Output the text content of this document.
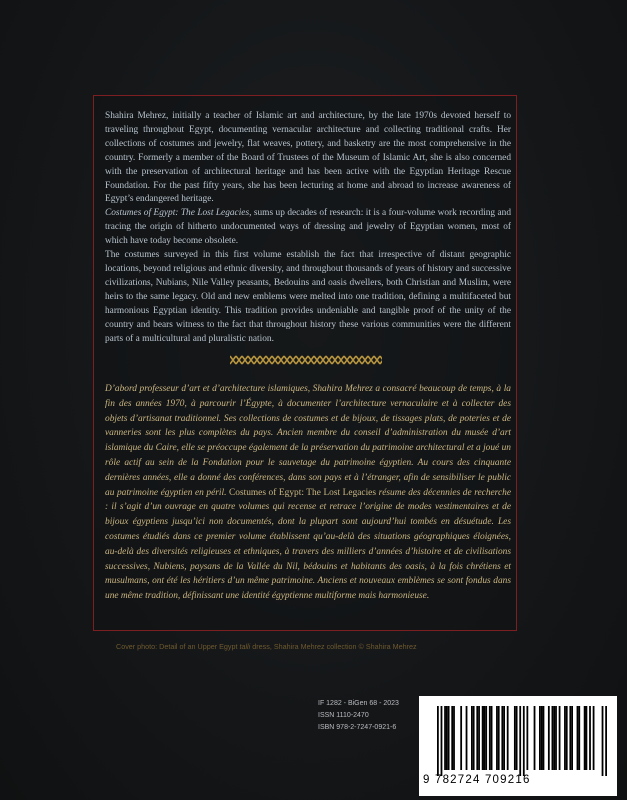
Shahira Mehrez, initially a teacher of Islamic art and architecture, by the late 1970s devoted herself to traveling throughout Egypt, documenting vernacular architecture and collecting traditional crafts. Her collections of costumes and jewelry, flat weaves, pottery, and basketry are the most comprehensive in the country. Formerly a member of the Board of Trustees of the Museum of Islamic Art, she is also concerned with the preservation of architectural heritage and has been active with the Egyptian Heritage Rescue Foundation. For the past fifty years, she has been lecturing at home and abroad to increase awareness of Egypt’s endangered heritage.

Costumes of Egypt: The Lost Legacies, sums up decades of research: it is a four-volume work recording and tracing the origin of hitherto undocumented ways of dressing and jewelry of Egyptian women, most of which have today become obsolete.

The costumes surveyed in this first volume establish the fact that irrespective of distant geographic locations, beyond religious and ethnic diversity, and throughout thousands of years of history and successive civilizations, Nubians, Nile Valley peasants, Bedouins and oasis dwellers, both Christian and Muslim, were heirs to the same legacy. Old and new emblems were melted into one tradition, defining a multifaceted but harmonious Egyptian identity. This tradition provides undeniable and tangible proof of the unity of the country and bears witness to the fact that throughout history these various communities were the different parts of a multicultural and pluralistic nation.

D’abord professeur d’art et d’architecture islamiques, Shahira Mehrez a consacré beaucoup de temps, à la fin des années 1970, à parcourir l’Égypte, à documenter l’architecture vernaculaire et à collecter des objets d’artisanat traditionnel. Ses collections de costumes et de bijoux, de tissages plats, de poteries et de vanneries sont les plus complètes du pays. Ancien membre du conseil d’administration du musée d’art islamique du Caire, elle se préoccupe également de la préservation du patrimoine architectural et a joué un rôle actif au sein de la Fondation pour le sauvetage du patrimoine égyptien. Au cours des cinquante dernières années, elle a donné des conférences, dans son pays et à l’étranger, afin de sensibiliser le public au patrimoine égyptien en péril. Costumes of Egypt: The Lost Legacies résume des décennies de recherche : il s’agit d’un ouvrage en quatre volumes qui recense et retrace l’origine de modes vestimentaires et de bijoux égyptiens jusqu’ici non documentés, dont la plupart sont aujourd’hui tombés en désuétude. Les costumes étudiés dans ce premier volume établissent qu’au-delà des situations géographiques éloignées, au-delà des diversités religieuses et ethniques, à travers des milliers d’années d’histoire et de civilisations successives, Nubiens, paysans de la Vallée du Nil, bédouins et habitants des oasis, à la fois chrétiens et musulmans, ont été les héritiers d’un même patrimoine. Anciens et nouveaux emblèmes se sont fondus dans une même tradition, définissant une identité égyptienne multiforme mais harmonieuse.

Cover photo: Detail of an Upper Egypt talli dress, Shahira Mehrez collection © Shahira Mehrez

IF 1282 - BiGen 68 - 2023
ISSN 1110-2470
ISBN 978-2-7247-0921-6
9 782724 709216
